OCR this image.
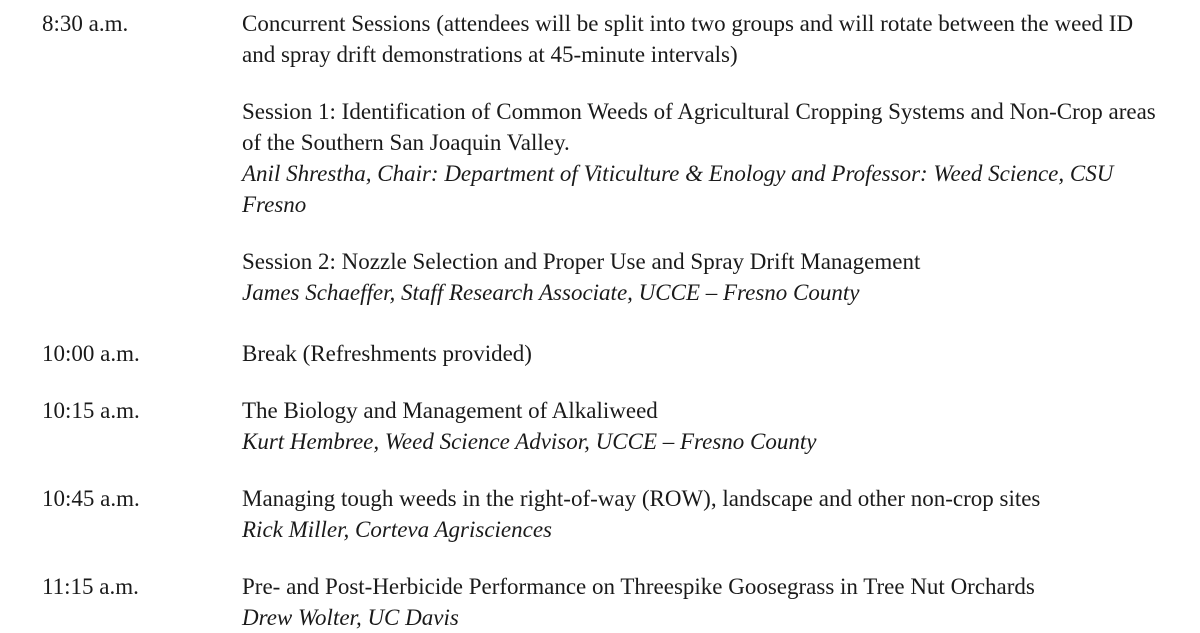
8:30 a.m.	Concurrent Sessions (attendees will be split into two groups and will rotate between the weed ID and spray drift demonstrations at 45-minute intervals)
Session 1: Identification of Common Weeds of Agricultural Cropping Systems and Non-Crop areas of the Southern San Joaquin Valley.
Anil Shrestha, Chair: Department of Viticulture & Enology and Professor: Weed Science, CSU Fresno
Session 2: Nozzle Selection and Proper Use and Spray Drift Management
James Schaeffer, Staff Research Associate, UCCE – Fresno County

10:00 a.m.	Break (Refreshments provided)

10:15 a.m.	The Biology and Management of Alkaliweed
Kurt Hembree, Weed Science Advisor, UCCE – Fresno County

10:45 a.m.	Managing tough weeds in the right-of-way (ROW), landscape and other non-crop sites
Rick Miller, Corteva Agrisciences

11:15 a.m.	Pre- and Post-Herbicide Performance on Threespike Goosegrass in Tree Nut Orchards
Drew Wolter, UC Davis
